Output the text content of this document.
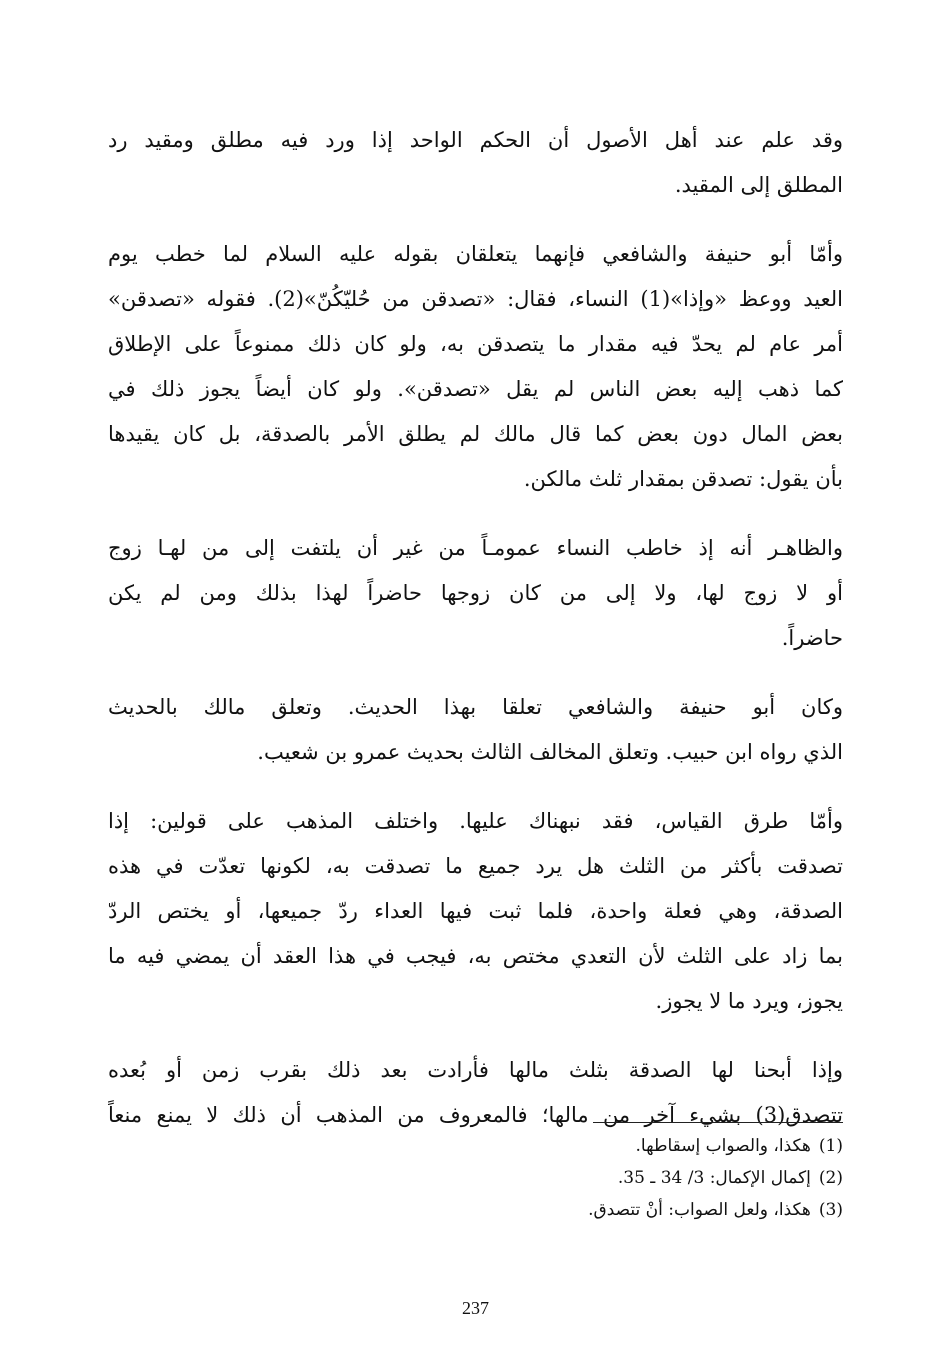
وقد علم عند أهل الأصول أن الحكم الواحد إذا ورد فيه مطلق ومقيد رد
المطلق إلى المقيد.

وأمّا أبو حنيفة والشافعي فإنهما يتعلقان بقوله عليه السلام لما خطب يوم
العيد ووعظ «وإذا»(1) النساء، فقال: «تصدقن من حُليّكُنّ»(2). فقوله «تصدقن»
أمر عام لم يحدّ فيه مقدار ما يتصدقن به، ولو كان ذلك ممنوعاً على الإطلاق
كما ذهب إليه بعض الناس لم يقل «تصدقن». ولو كان أيضاً يجوز ذلك في
بعض المال دون بعض كما قال مالك لم يطلق الأمر بالصدقة، بل كان يقيدها
بأن يقول: تصدقن بمقدار ثلث مالكن.

والظاهـر أنه إذ خاطب النساء عمومـاً من غير أن يلتفت إلى من لهـا زوج
أو لا زوج لها، ولا إلى من كان زوجها حاضراً لهذا بذلك ومن لم يكن
حاضراً.

وكان أبو حنيفة والشافعي تعلقا بهذا الحديث. وتعلق مالك بالحديث
الذي رواه ابن حبيب. وتعلق المخالف الثالث بحديث عمرو بن شعيب.

وأمّا طرق القياس، فقد نبهناك عليها. واختلف المذهب على قولين: إذا
تصدقت بأكثر من الثلث هل يرد جميع ما تصدقت به، لكونها تعدّت في هذه
الصدقة، وهي فعلة واحدة، فلما ثبت فيها العداء ردّ جميعها، أو يختص الردّ
بما زاد على الثلث لأن التعدي مختص به، فيجب في هذا العقد أن يمضي فيه ما
يجوز، ويرد ما لا يجوز.

وإذا أبحنا لها الصدقة بثلث مالها فأرادت بعد ذلك بقرب زمن أو بُعده
تتصدق(3) بشيء آخر من مالها؛ فالمعروف من المذهب أن ذلك لا يمنع منعاً

(1)هكذا، والصواب إسقاطها.
(2)إكمال الإكمال: 3/ 34 ـ 35.
(3)هكذا، ولعل الصواب: أنْ تتصدق.
237
